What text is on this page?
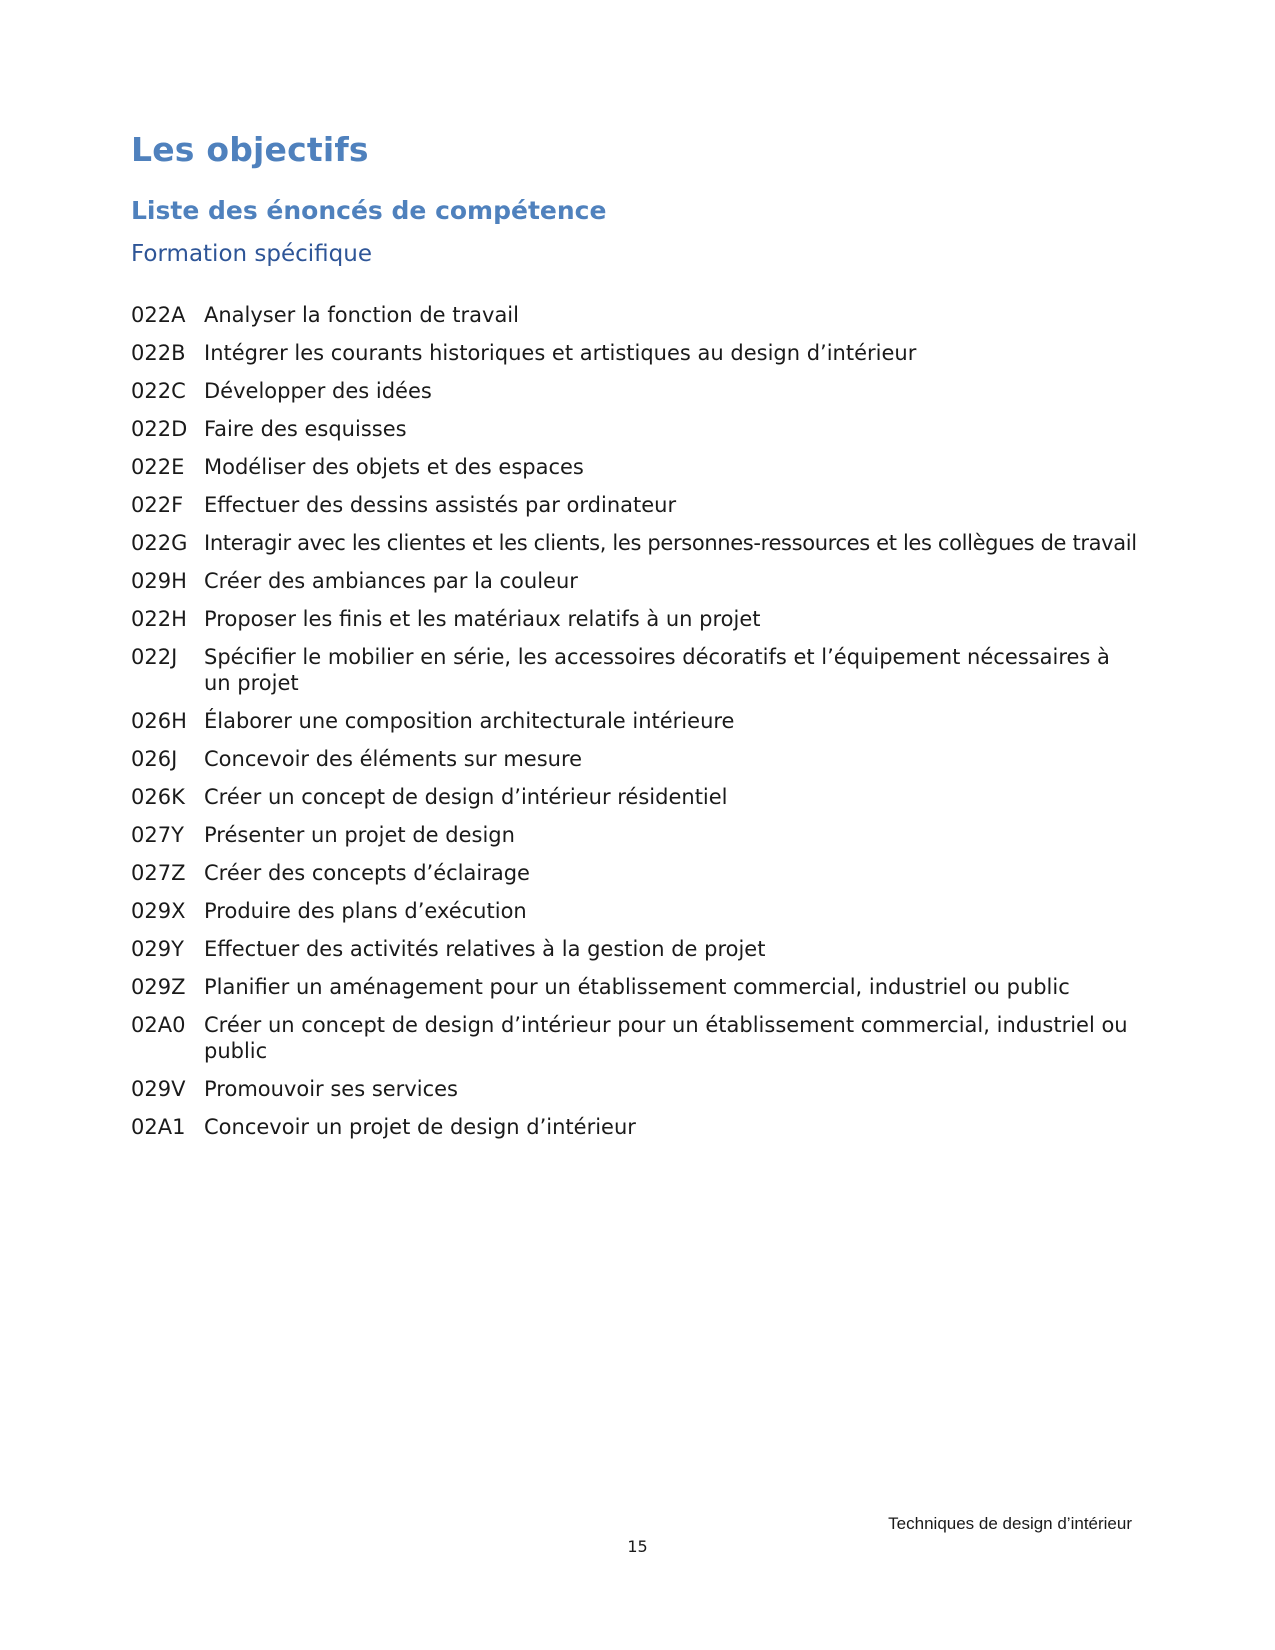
Les objectifs
Liste des énoncés de compétence
Formation spécifique
022A Analyser la fonction de travail
022B Intégrer les courants historiques et artistiques au design d’intérieur
022C Développer des idées
022D Faire des esquisses
022E Modéliser des objets et des espaces
022F Effectuer des dessins assistés par ordinateur
022G Interagir avec les clientes et les clients, les personnes-ressources et les collègues de travail
029H Créer des ambiances par la couleur
022H Proposer les finis et les matériaux relatifs à un projet
022J	Spécifier le mobilier en série, les accessoires décoratifs et l’équipement nécessaires à un projet
026H Élaborer une composition architecturale intérieure
026J	Concevoir des éléments sur mesure
026K Créer un concept de design d’intérieur résidentiel
027Y Présenter un projet de design
027Z Créer des concepts d’éclairage
029X Produire des plans d’exécution
029Y Effectuer des activités relatives à la gestion de projet
029Z Planifier un aménagement pour un établissement commercial, industriel ou public
02A0 Créer un concept de design d’intérieur pour un établissement commercial, industriel ou public
029V Promouvoir ses services
02A1 Concevoir un projet de design d’intérieur

Techniques de design d’intérieur

15
